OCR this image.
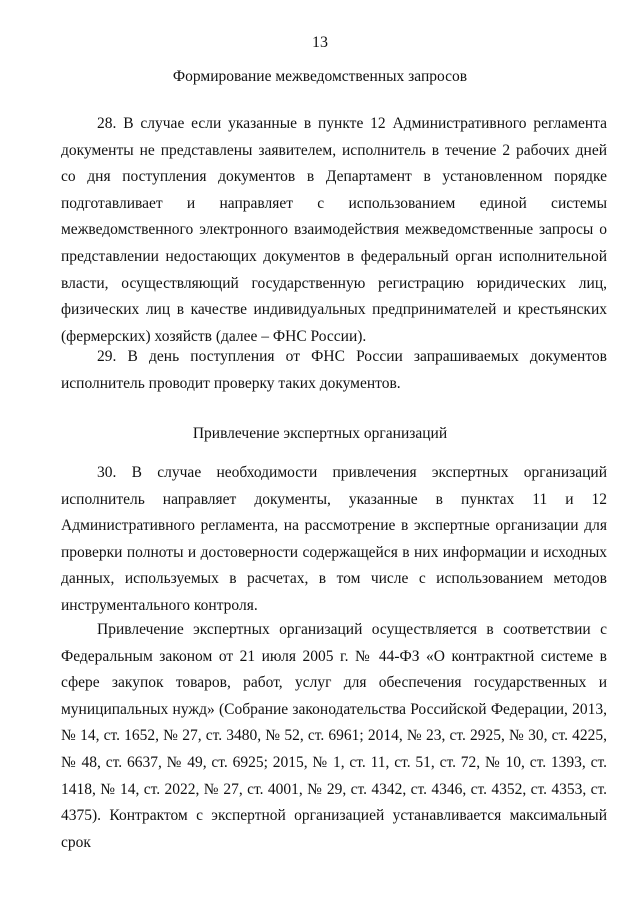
13
Формирование межведомственных запросов

28. В случае если указанные в пункте 12 Административного регламента документы не представлены заявителем, исполнитель в течение 2 рабочих дней со дня поступления документов в Департамент в установленном порядке подготавливает и направляет с использованием единой системы межведомственного электронного взаимодействия межведомственные запросы о представлении недостающих документов в федеральный орган исполнительной власти, осуществляющий государственную регистрацию юридических лиц, физических лиц в качестве индивидуальных предпринимателей и крестьянских (фермерских) хозяйств (далее – ФНС России).

29. В день поступления от ФНС России запрашиваемых документов исполнитель проводит проверку таких документов.

Привлечение экспертных организаций

30. В случае необходимости привлечения экспертных организаций исполнитель направляет документы, указанные в пунктах 11 и 12 Административного регламента, на рассмотрение в экспертные организации для проверки полноты и достоверности содержащейся в них информации и исходных данных, используемых в расчетах, в том числе с использованием методов инструментального контроля.

Привлечение экспертных организаций осуществляется в соответствии с Федеральным законом от 21 июля 2005 г. № 44-ФЗ «О контрактной системе в сфере закупок товаров, работ, услуг для обеспечения государственных и муниципальных нужд» (Собрание законодательства Российской Федерации, 2013, № 14, ст. 1652, № 27, ст. 3480, № 52, ст. 6961; 2014, № 23, ст. 2925, № 30, ст. 4225, № 48, ст. 6637, № 49, ст. 6925; 2015, № 1, ст. 11, ст. 51, ст. 72, № 10, ст. 1393, ст. 1418, № 14, ст. 2022, № 27, ст. 4001, № 29, ст. 4342, ст. 4346, ст. 4352, ст. 4353, ст. 4375). Контрактом с экспертной организацией устанавливается максимальный срок
